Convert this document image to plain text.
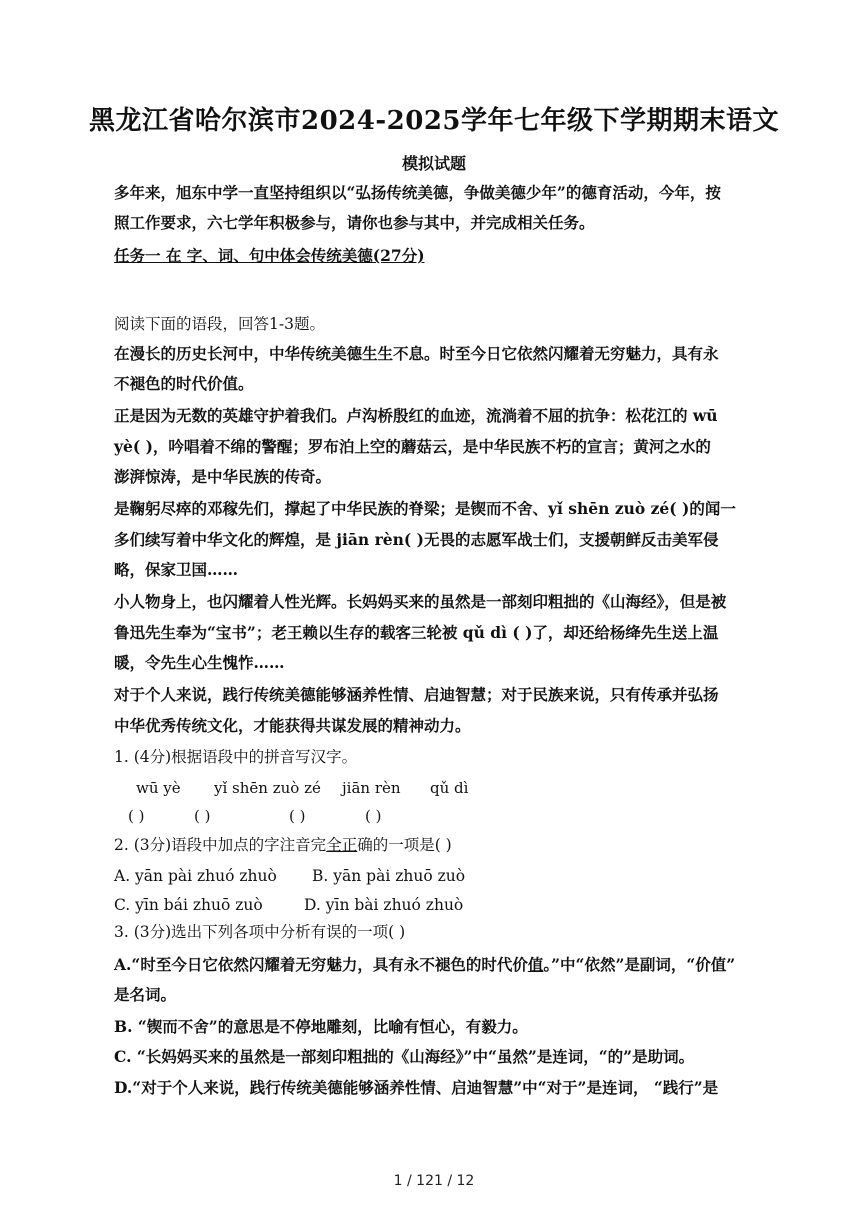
黑龙江省哈尔滨市2024-2025学年七年级下学期期末语文
模拟试题
多年来，旭东中学一直坚持组织以“弘扬传统美德，争做美德少年”的德育活动，今年，按
照工作要求，六七学年积极参与，请你也参与其中，并完成相关任务。
任务一 在 字、词、句中体会传统美德(27分)
阅读下面的语段，回答1-3题。
在漫长的历史长河中，中华传统美德生生不息。时至今日它依然闪耀着无穷魅力，具有永
不褪色的时代价值。
正是因为无数的英雄守护着我们。卢沟桥殷红的血迹，流淌着不屈的抗争：松花江的 wū
yè( )，吟唱着不绵的警醒；罗布泊上空的蘑菇云，是中华民族不朽的宣言；黄河之水的
澎湃惊涛，是中华民族的传奇。
是鞠躬尽瘁的邓稼先们，撑起了中华民族的脊梁；是锲而不舍、yǐ shēn zuò zé( )的闻一
多们续写着中华文化的辉煌，是 jiān rèn( )无畏的志愿军战士们，支援朝鲜反击美军侵
略，保家卫国……
小人物身上，也闪耀着人性光辉。长妈妈买来的虽然是一部刻印粗拙的《山海经》，但是被
鲁迅先生奉为“宝书”；老王赖以生存的载客三轮被 qǔ dì ( )了，却还给杨绛先生送上温
暖，令先生心生愧怍……
对于个人来说，践行传统美德能够涵养性情、启迪智慧；对于民族来说，只有传承并弘扬
中华优秀传统文化，才能获得共谋发展的精神动力。
1. (4分)根据语段中的拼音写汉字。
wū yè yǐ shēn zuò zé jiān rèn qǔ dì
( )	( )	( )	( )
2. (3分)语段中加点的字注音完全正确的一项是( )
A. yān pài zhuó zhuò B. yān pài zhuō zuò
C. yīn bái zhuō zuò	D. yīn bài zhuó zhuò
3. (3分)选出下列各项中分析有误的一项( )
A.“时至今日它依然闪耀着无穷魅力，具有永不褪色的时代价值。”中“依然”是副词，“价值”
是名词。
B. “锲而不舍”的意思是不停地雕刻，比喻有恒心，有毅力。
C. “长妈妈买来的虽然是一部刻印粗拙的《山海经》”中“虽然”是连词，“的”是助词。
D.“对于个人来说，践行传统美德能够涵养性情、启迪智慧”中“对于”是连词， “践行”是
1 / 121 / 12
